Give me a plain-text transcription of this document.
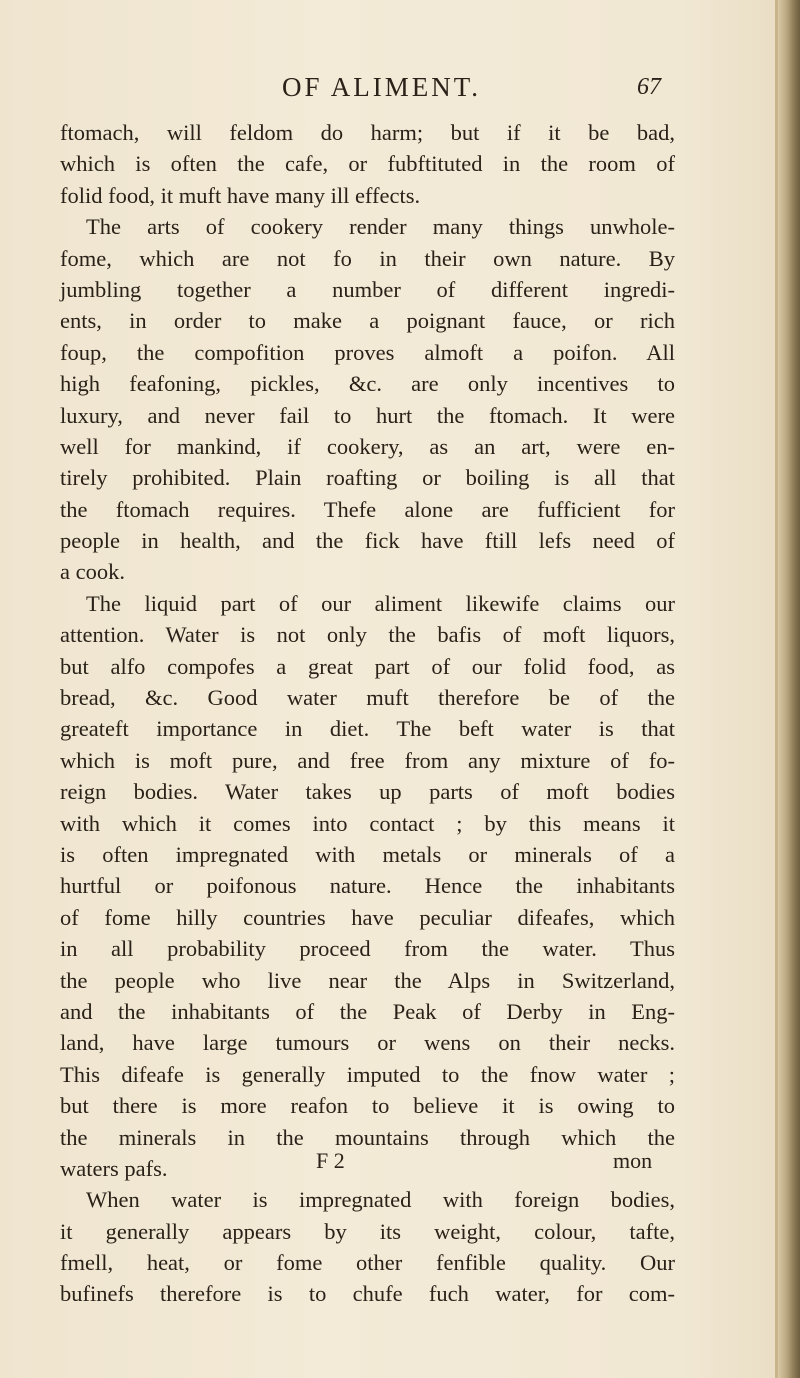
OF ALIMENT.	67
ftomach, will feldom do harm; but if it be bad,
which is often the cafe, or fubftituted in the room of
folid food, it muft have many ill effects.
The arts of cookery render many things unwhole-
fome, which are not fo in their own nature. By
jumbling together a number of different ingredi-
ents, in order to make a poignant fauce, or rich
foup, the compofition proves almoft a poifon. All
high feafoning, pickles, &c. are only incentives to
luxury, and never fail to hurt the ftomach. It were
well for mankind, if cookery, as an art, were en-
tirely prohibited. Plain roafting or boiling is all that
the ftomach requires. Thefe alone are fufficient for
people in health, and the fick have ftill lefs need of
a cook.
The liquid part of our aliment likewife claims our
attention. Water is not only the bafis of moft liquors,
but alfo compofes a great part of our folid food, as
bread, &c. Good water muft therefore be of the
greateft importance in diet. The beft water is that
which is moft pure, and free from any mixture of fo-
reign bodies. Water takes up parts of moft bodies
with which it comes into contact ; by this means it
is often impregnated with metals or minerals of a
hurtful or poifonous nature. Hence the inhabitants
of fome hilly countries have peculiar difeafes, which
in all probability proceed from the water. Thus
the people who live near the Alps in Switzerland,
and the inhabitants of the Peak of Derby in Eng-
land, have large tumours or wens on their necks.
This difeafe is generally imputed to the fnow water ;
but there is more reafon to believe it is owing to
the minerals in the mountains through which the
waters pafs.
When water is impregnated with foreign bodies,
it generally appears by its weight, colour, tafte,
fmell, heat, or fome other fenfible quality. Our
bufinefs therefore is to chufe fuch water, for com-
F 2	mon
